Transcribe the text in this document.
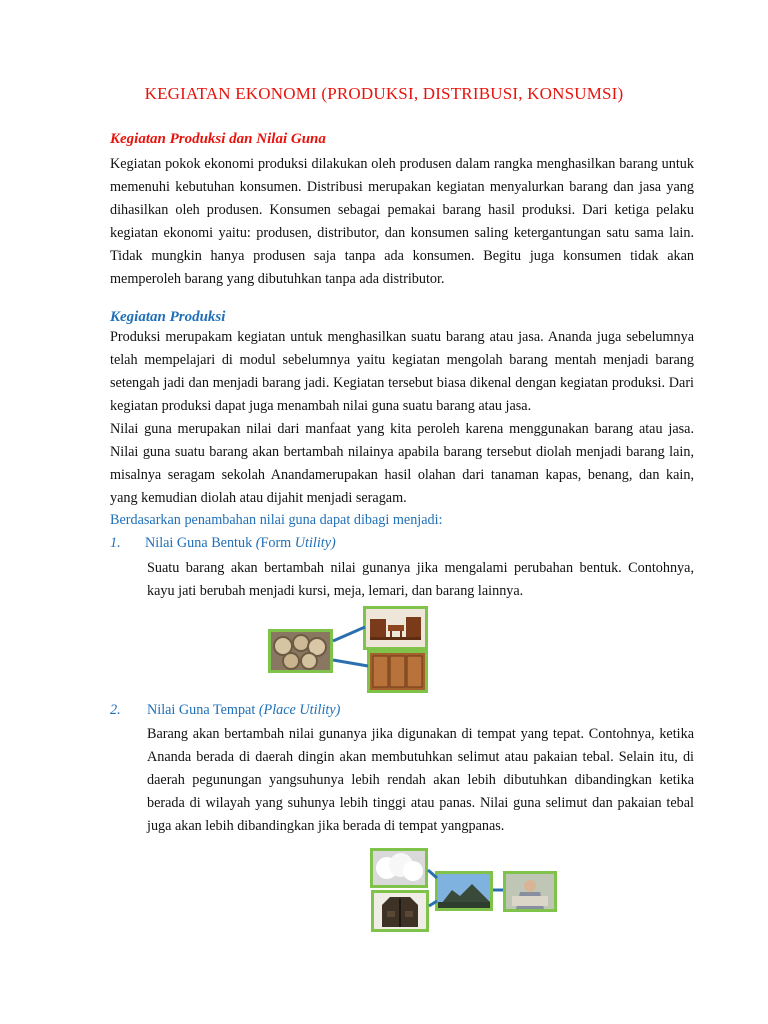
KEGIATAN EKONOMI (PRODUKSI, DISTRIBUSI, KONSUMSI)
Kegiatan Produksi dan Nilai Guna
Kegiatan pokok ekonomi produksi dilakukan oleh produsen dalam rangka menghasilkan barang untuk
memenuhi kebutuhan konsumen. Distribusi merupakan kegiatan menyalurkan barang dan jasa yang
dihasilkan oleh produsen. Konsumen sebagai pemakai barang hasil produksi. Dari ketiga pelaku
kegiatan ekonomi yaitu: produsen, distributor, dan konsumen saling ketergantungan satu sama lain.
Tidak mungkin hanya produsen saja tanpa ada konsumen. Begitu juga konsumen tidak akan
memperoleh barang yang dibutuhkan tanpa ada distributor.
Kegiatan Produksi
Produksi merupakam kegiatan untuk menghasilkan suatu barang atau jasa. Ananda juga sebelumnya
telah mempelajari di modul sebelumnya yaitu kegiatan mengolah barang mentah menjadi barang
setengah jadi dan menjadi barang jadi. Kegiatan tersebut biasa dikenal dengan kegiatan produksi. Dari
kegiatan produksi dapat juga menambah nilai guna suatu barang atau jasa.
Nilai guna merupakan nilai dari manfaat yang kita peroleh karena menggunakan barang atau jasa.
Nilai guna suatu barang akan bertambah nilainya apabila barang tersebut diolah menjadi barang lain,
misalnya seragam sekolah Anandamerupakan hasil olahan dari tanaman kapas, benang, dan kain,
yang kemudian diolah atau dijahit menjadi seragam.
Berdasarkan penambahan nilai guna dapat dibagi menjadi:
1. Nilai Guna Bentuk (Form Utility)
Suatu barang akan bertambah nilai gunanya jika mengalami perubahan bentuk. Contohnya,
kayu jati berubah menjadi kursi, meja, lemari, dan barang lainnya.
2. Nilai Guna Tempat (Place Utility)
Barang akan bertambah nilai gunanya jika digunakan di tempat yang tepat. Contohnya, ketika
Ananda berada di daerah dingin akan membutuhkan selimut atau pakaian tebal. Selain itu, di
daerah pegunungan yangsuhunya lebih rendah akan lebih dibutuhkan dibandingkan ketika
berada di wilayah yang suhunya lebih tinggi atau panas. Nilai guna selimut dan pakaian tebal
juga akan lebih dibandingkan jika berada di tempat yangpanas.
